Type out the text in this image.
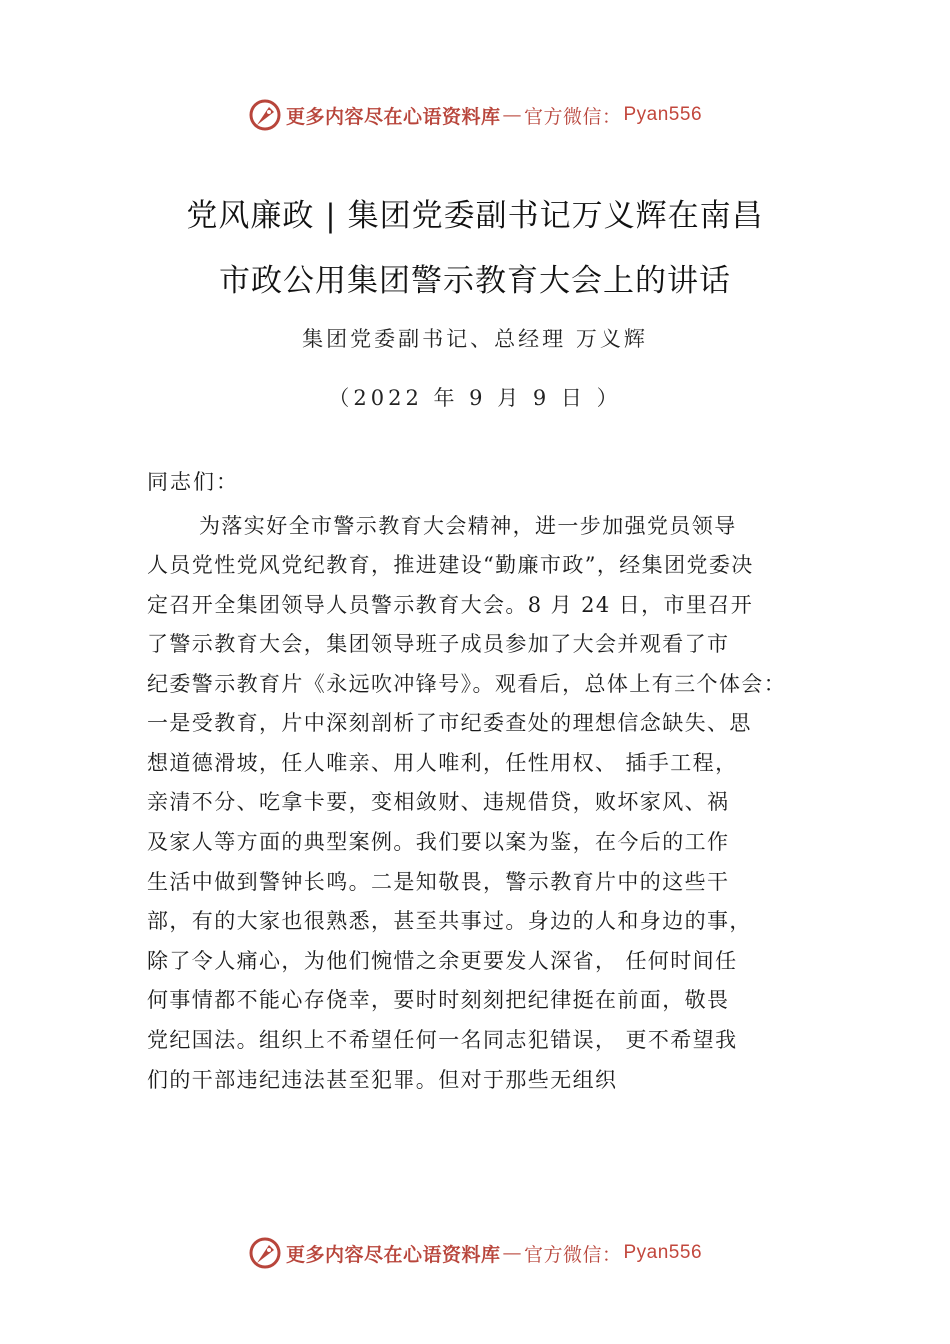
更多内容尽在心语资料库 — 官方微信： Pyan556
党风廉政 | 集团党委副书记万义辉在南昌
市政公用集团警示教育大会上的讲话
集团党委副书记、总经理 万义辉
（2022 年 9 月 9 日 ）
同志们：
为落实好全市警示教育大会精神，进一步加强党员领导
人员党性党风党纪教育，推进建设“勤廉市政”，经集团党委决
定召开全集团领导人员警示教育大会。8 月 24 日，市里召开
了警示教育大会，集团领导班子成员参加了大会并观看了市
纪委警示教育片《永远吹冲锋号》。观看后，总体上有三个体会：
一是受教育，片中深刻剖析了市纪委查处的理想信念缺失、思
想道德滑坡，任人唯亲、用人唯利，任性用权、 插手工程，
亲清不分、吃拿卡要，变相敛财、违规借贷，败坏家风、祸
及家人等方面的典型案例。我们要以案为鉴，在今后的工作
生活中做到警钟长鸣。二是知敬畏，警示教育片中的这些干
部，有的大家也很熟悉，甚至共事过。身边的人和身边的事，
除了令人痛心，为他们惋惜之余更要发人深省， 任何时间任
何事情都不能心存侥幸，要时时刻刻把纪律挺在前面，敬畏
党纪国法。组织上不希望任何一名同志犯错误， 更不希望我
们的干部违纪违法甚至犯罪。但对于那些无组织
更多内容尽在心语资料库 — 官方微信： Pyan556
